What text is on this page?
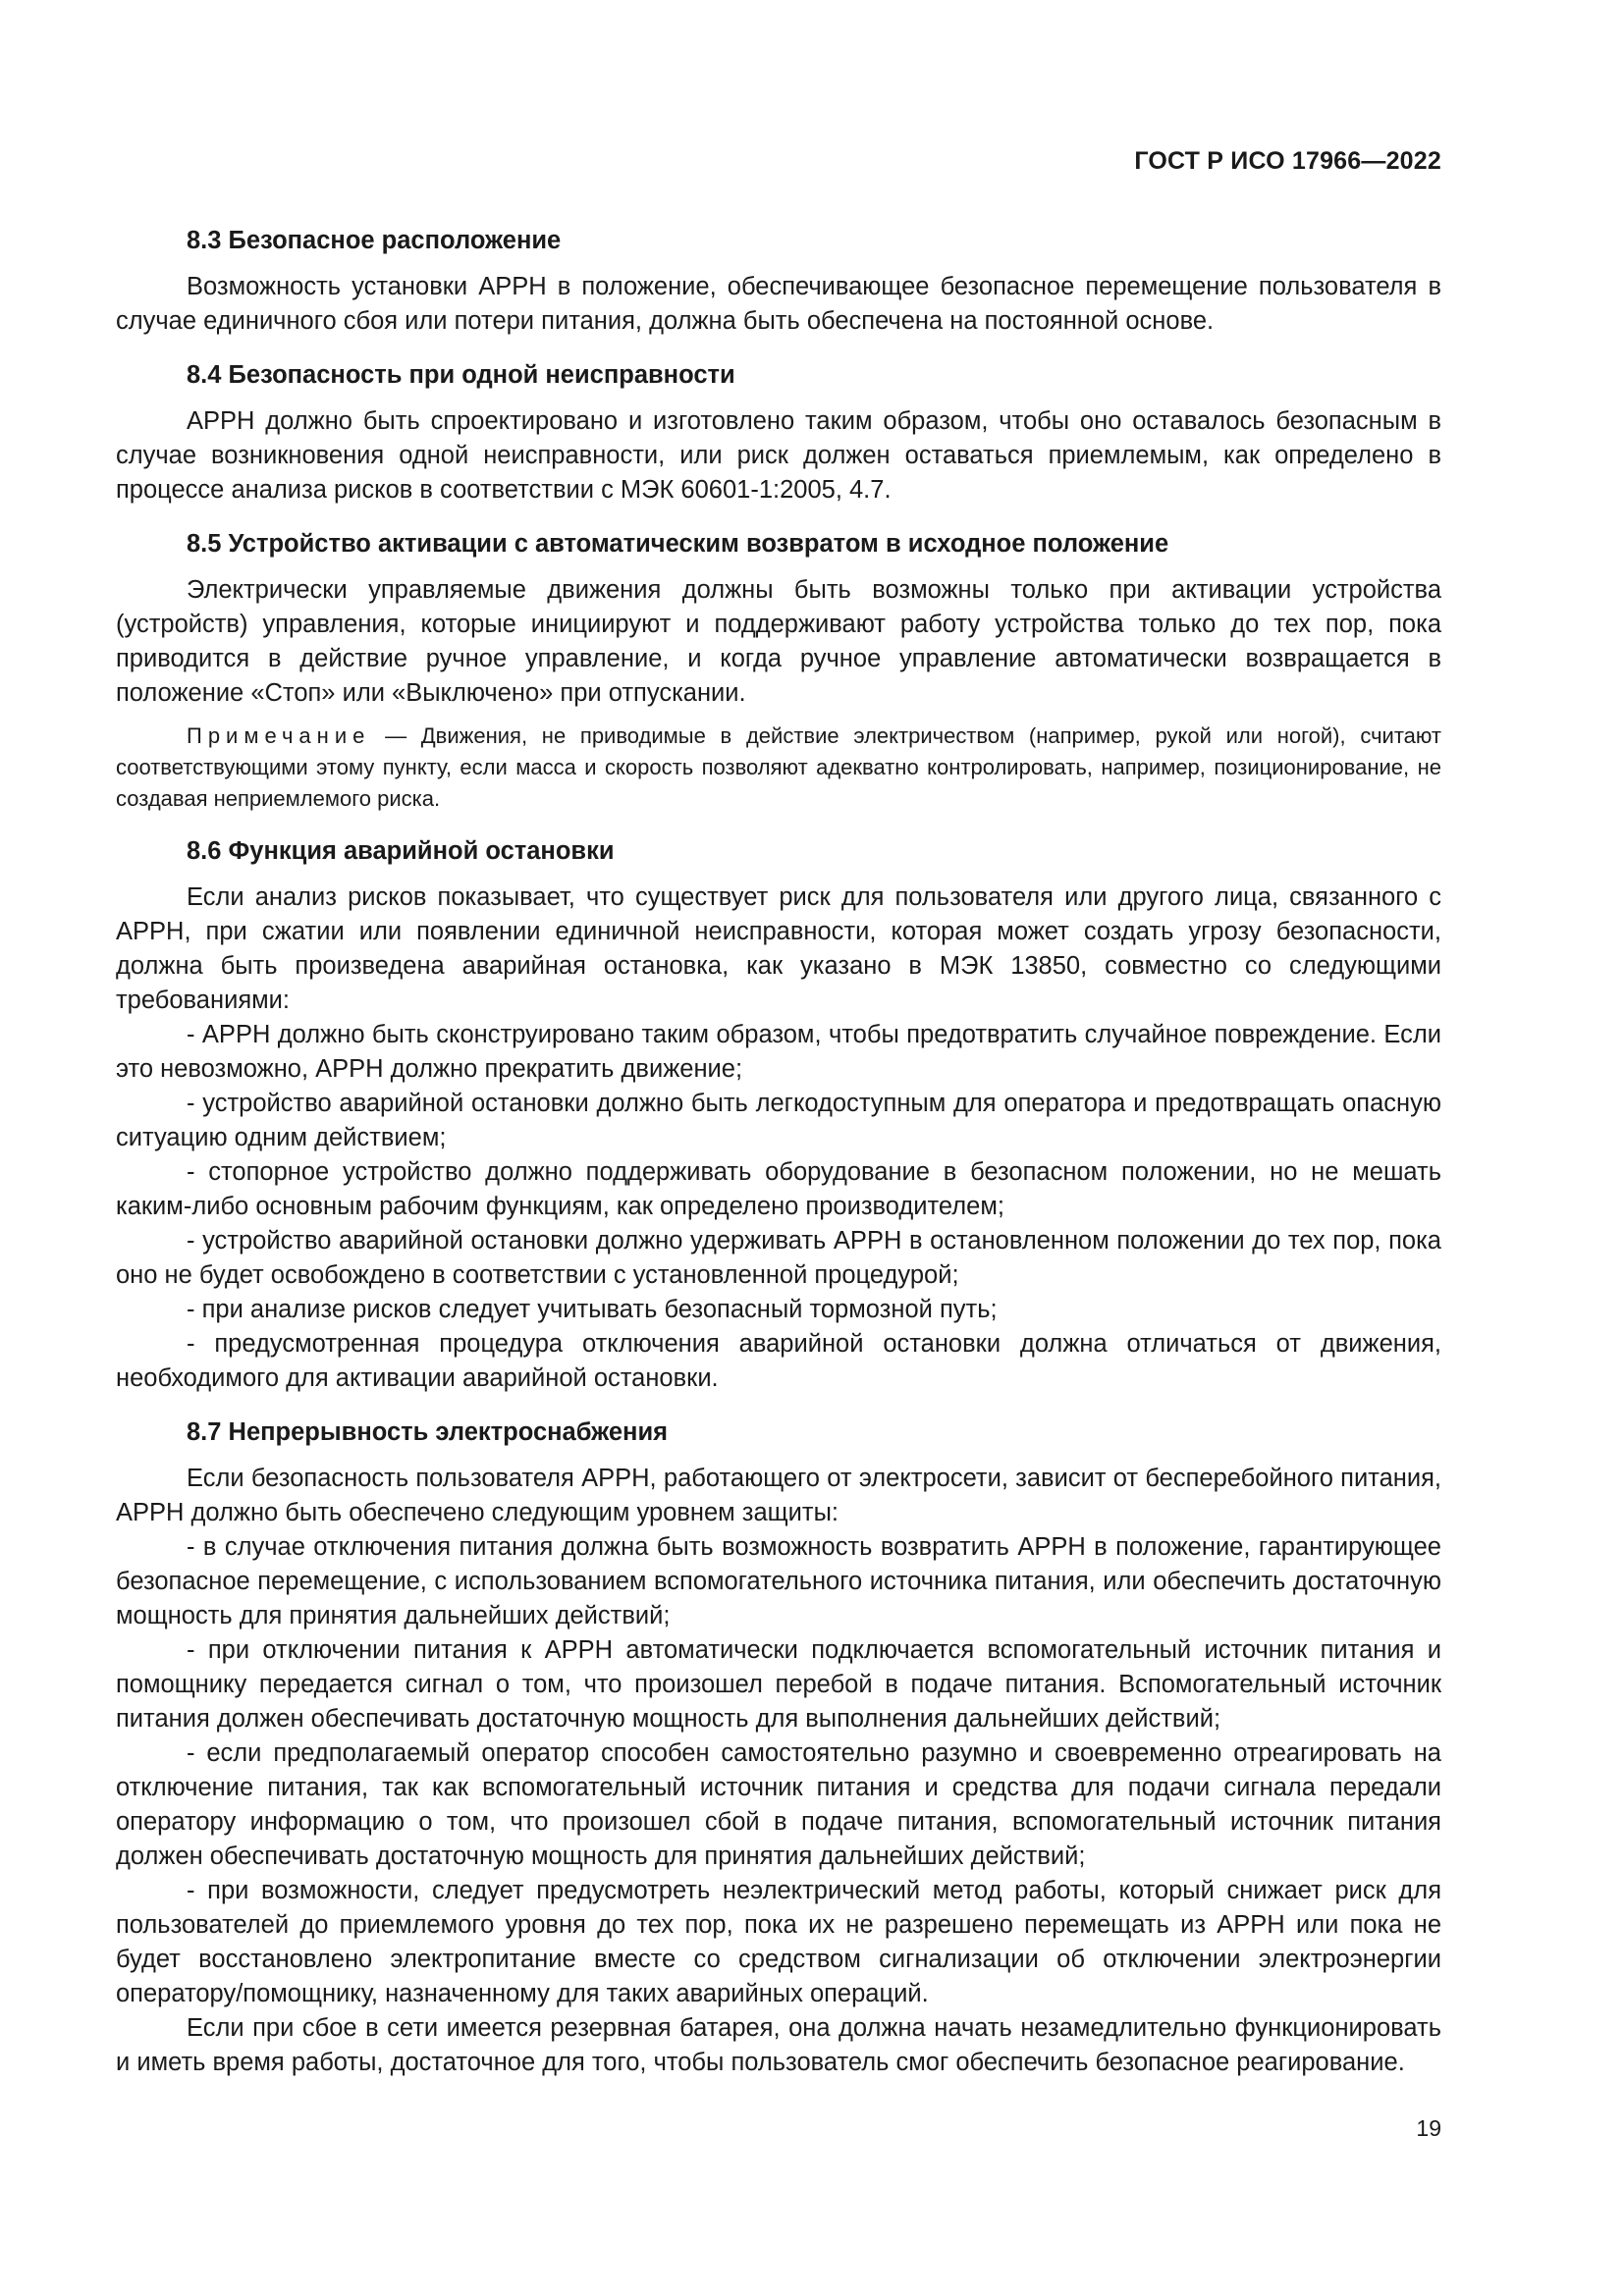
ГОСТ Р ИСО 17966—2022
8.3 Безопасное расположение

Возможность установки АРРН в положение, обеспечивающее безопасное перемещение пользователя в случае единичного сбоя или потери питания, должна быть обеспечена на постоянной основе.

8.4 Безопасность при одной неисправности

АРРН должно быть спроектировано и изготовлено таким образом, чтобы оно оставалось безопасным в случае возникновения одной неисправности, или риск должен оставаться приемлемым, как определено в процессе анализа рисков в соответствии с МЭК 60601-1:2005, 4.7.

8.5 Устройство активации с автоматическим возвратом в исходное положение

Электрически управляемые движения должны быть возможны только при активации устройства (устройств) управления, которые инициируют и поддерживают работу устройства только до тех пор, пока приводится в действие ручное управление, и когда ручное управление автоматически возвращается в положение «Стоп» или «Выключено» при отпускании.

Примечание — Движения, не приводимые в действие электричеством (например, рукой или ногой), считают соответствующими этому пункту, если масса и скорость позволяют адекватно контролировать, например, позиционирование, не создавая неприемлемого риска.

8.6 Функция аварийной остановки

Если анализ рисков показывает, что существует риск для пользователя или другого лица, связанного с АРРН, при сжатии или появлении единичной неисправности, которая может создать угрозу безопасности, должна быть произведена аварийная остановка, как указано в МЭК 13850, совместно со следующими требованиями:

- АРРН должно быть сконструировано таким образом, чтобы предотвратить случайное повреждение. Если это невозможно, АРРН должно прекратить движение;

- устройство аварийной остановки должно быть легкодоступным для оператора и предотвращать опасную ситуацию одним действием;

- стопорное устройство должно поддерживать оборудование в безопасном положении, но не мешать каким-либо основным рабочим функциям, как определено производителем;

- устройство аварийной остановки должно удерживать АРРН в остановленном положении до тех пор, пока оно не будет освобождено в соответствии с установленной процедурой;

- при анализе рисков следует учитывать безопасный тормозной путь;

- предусмотренная процедура отключения аварийной остановки должна отличаться от движения, необходимого для активации аварийной остановки.

8.7 Непрерывность электроснабжения

Если безопасность пользователя АРРН, работающего от электросети, зависит от бесперебойного питания, АРРН должно быть обеспечено следующим уровнем защиты:

- в случае отключения питания должна быть возможность возвратить АРРН в положение, гарантирующее безопасное перемещение, с использованием вспомогательного источника питания, или обеспечить достаточную мощность для принятия дальнейших действий;

- при отключении питания к АРРН автоматически подключается вспомогательный источник питания и помощнику передается сигнал о том, что произошел перебой в подаче питания. Вспомогательный источник питания должен обеспечивать достаточную мощность для выполнения дальнейших действий;

- если предполагаемый оператор способен самостоятельно разумно и своевременно отреагировать на отключение питания, так как вспомогательный источник питания и средства для подачи сигнала передали оператору информацию о том, что произошел сбой в подаче питания, вспомогательный источник питания должен обеспечивать достаточную мощность для принятия дальнейших действий;

- при возможности, следует предусмотреть неэлектрический метод работы, который снижает риск для пользователей до приемлемого уровня до тех пор, пока их не разрешено перемещать из АРРН или пока не будет восстановлено электропитание вместе со средством сигнализации об отключении электроэнергии оператору/помощнику, назначенному для таких аварийных операций.

Если при сбое в сети имеется резервная батарея, она должна начать незамедлительно функционировать и иметь время работы, достаточное для того, чтобы пользователь смог обеспечить безопасное реагирование.

19
